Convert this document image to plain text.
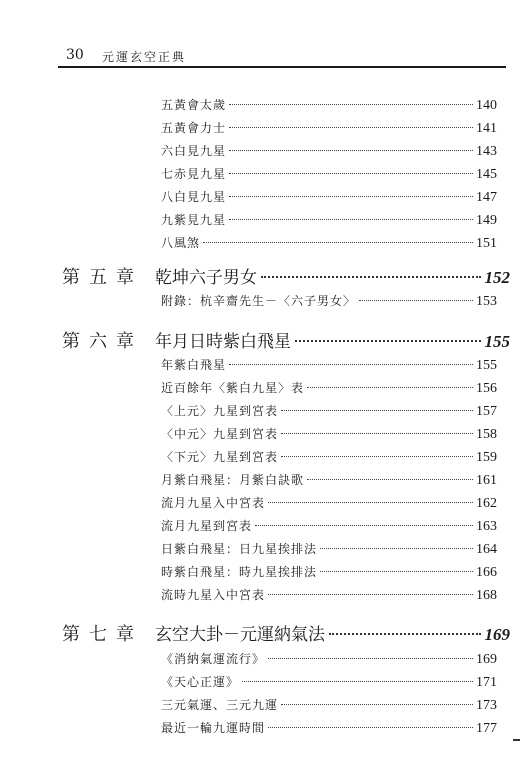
30 元運玄空正典
五黃會太歲	140
五黃會力士	141
六白見九星	143
七赤見九星	145
八白見九星	147
九紫見九星	149
八風煞	151
第五章 乾坤六子男女	152
附錄：杭辛齋先生－〈六子男女〉	153
第六章 年月日時紫白飛星	155
年紫白飛星	155
近百餘年〈紫白九星〉表	156
〈上元〉九星到宮表	157
〈中元〉九星到宮表	158
〈下元〉九星到宮表	159
月紫白飛星：月紫白訣歌	161
流月九星入中宮表	162
流月九星到宮表	163
日紫白飛星：日九星挨排法	164
時紫白飛星：時九星挨排法	166
流時九星入中宮表	168
第七章 玄空大卦－元運納氣法	169
《消納氣運流行》	169
《天心正運》	171
三元氣運、三元九運	173
最近一輪九運時間	177
